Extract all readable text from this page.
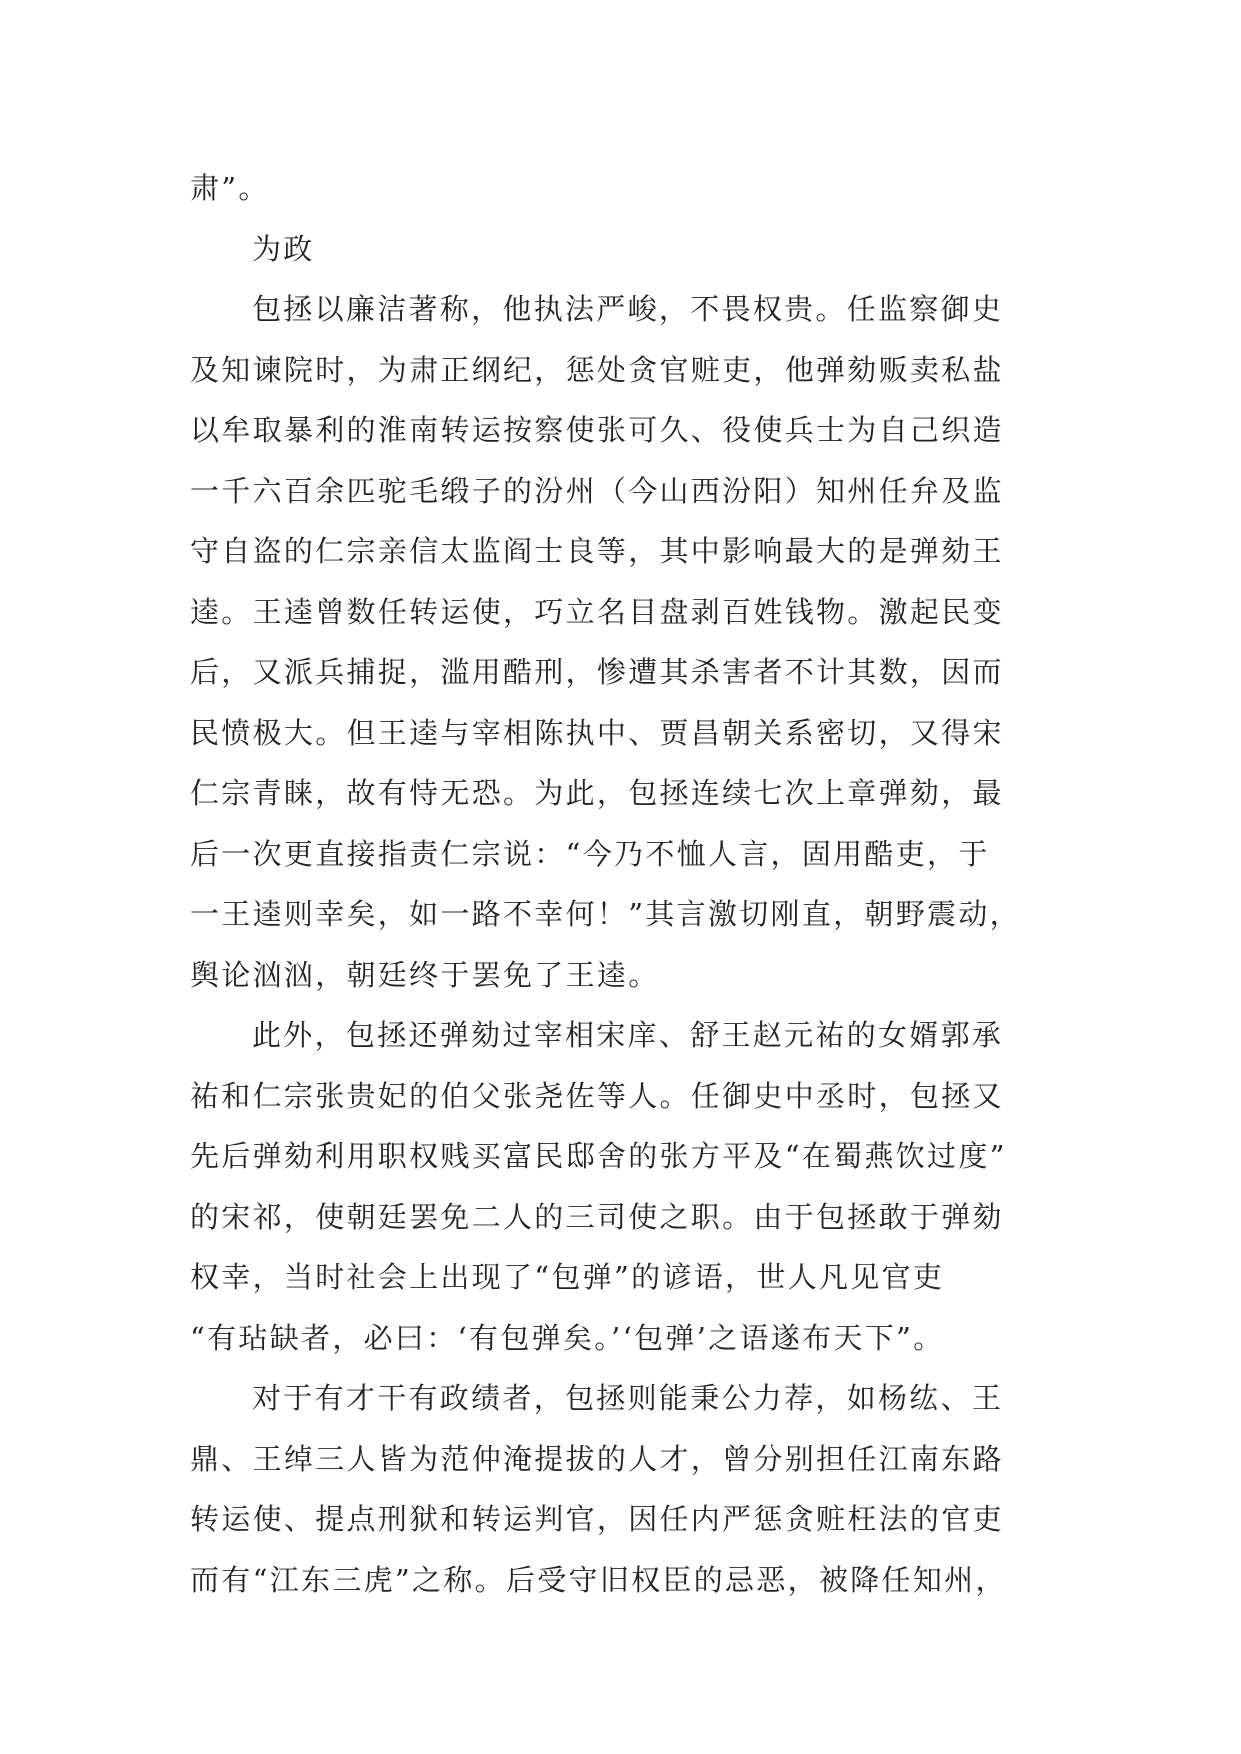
肃”。
为政
包拯以廉洁著称，他执法严峻，不畏权贵。任监察御史
及知谏院时，为肃正纲纪，惩处贪官赃吏，他弹劾贩卖私盐
以牟取暴利的淮南转运按察使张可久、役使兵士为自己织造
一千六百余匹驼毛缎子的汾州（今山西汾阳）知州任弁及监
守自盗的仁宗亲信太监阎士良等，其中影响最大的是弹劾王
逵。王逵曾数任转运使，巧立名目盘剥百姓钱物。激起民变
后，又派兵捕捉，滥用酷刑，惨遭其杀害者不计其数，因而
民愤极大。但王逵与宰相陈执中、贾昌朝关系密切，又得宋
仁宗青睐，故有恃无恐。为此，包拯连续七次上章弹劾，最
后一次更直接指责仁宗说：“今乃不恤人言，固用酷吏，于
一王逵则幸矣，如一路不幸何！”其言激切刚直，朝野震动，
舆论汹汹，朝廷终于罢免了王逵。
此外，包拯还弹劾过宰相宋庠、舒王赵元祐的女婿郭承
祐和仁宗张贵妃的伯父张尧佐等人。任御史中丞时，包拯又
先后弹劾利用职权贱买富民邸舍的张方平及“在蜀燕饮过度”
的宋祁，使朝廷罢免二人的三司使之职。由于包拯敢于弹劾
权幸，当时社会上出现了“包弹”的谚语，世人凡见官吏
“有玷缺者，必曰：‘有包弹矣。’‘包弹’之语遂布天下”。
对于有才干有政绩者，包拯则能秉公力荐，如杨纮、王
鼎、王绰三人皆为范仲淹提拔的人才，曾分别担任江南东路
转运使、提点刑狱和转运判官，因任内严惩贪赃枉法的官吏
而有“江东三虎”之称。后受守旧权臣的忌恶，被降任知州，
